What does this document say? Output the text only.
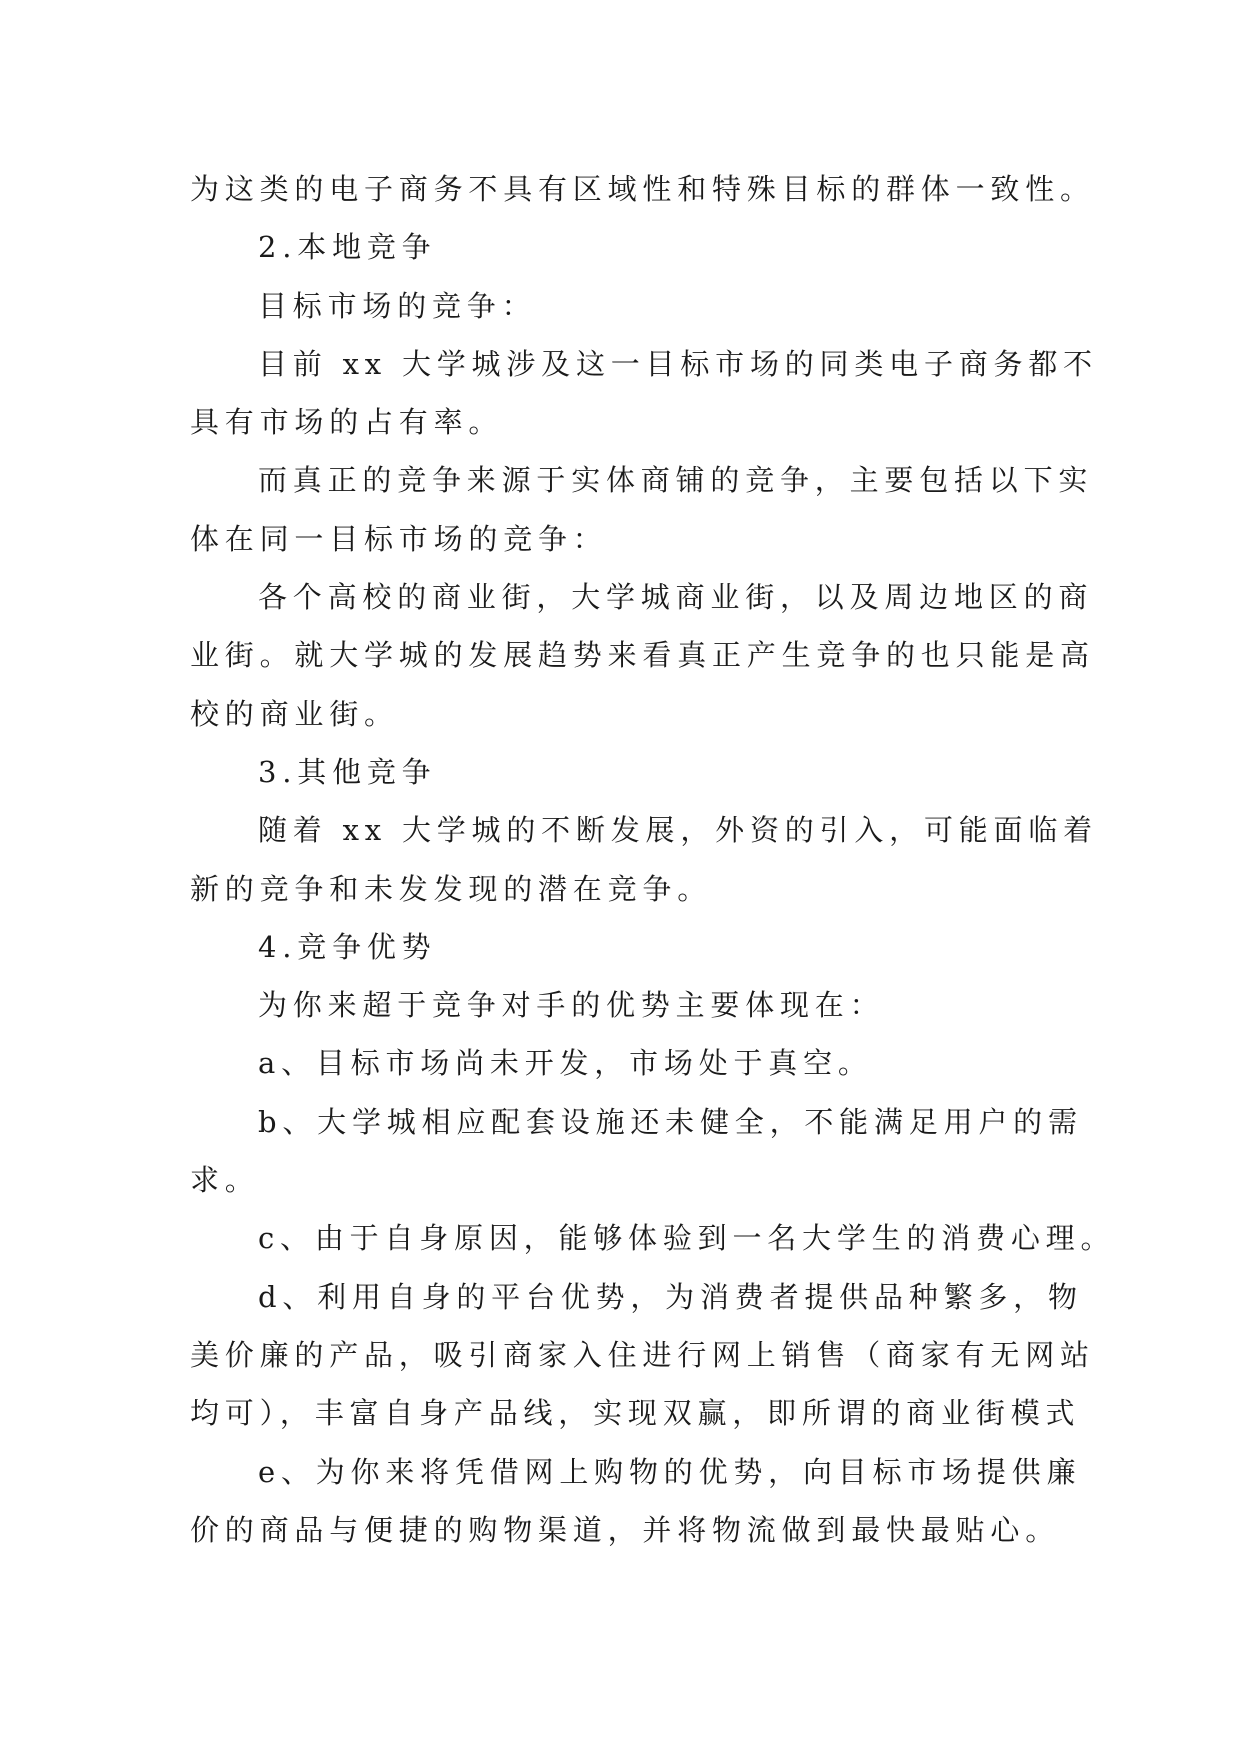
为这类的电子商务不具有区域性和特殊目标的群体一致性。

2.本地竞争

目标市场的竞争：

目前 xx 大学城涉及这一目标市场的同类电子商务都不

具有市场的占有率。

而真正的竞争来源于实体商铺的竞争，主要包括以下实

体在同一目标市场的竞争：

各个高校的商业街，大学城商业街，以及周边地区的商

业街。就大学城的发展趋势来看真正产生竞争的也只能是高

校的商业街。

3.其他竞争

随着 xx 大学城的不断发展，外资的引入，可能面临着

新的竞争和未发发现的潜在竞争。

4.竞争优势

为你来超于竞争对手的优势主要体现在：

a、目标市场尚未开发，市场处于真空。

b、大学城相应配套设施还未健全，不能满足用户的需

求。

c、由于自身原因，能够体验到一名大学生的消费心理。

d、利用自身的平台优势，为消费者提供品种繁多，物

美价廉的产品，吸引商家入住进行网上销售（商家有无网站

均可），丰富自身产品线，实现双赢，即所谓的商业街模式

e、为你来将凭借网上购物的优势，向目标市场提供廉

价的商品与便捷的购物渠道，并将物流做到最快最贴心。
